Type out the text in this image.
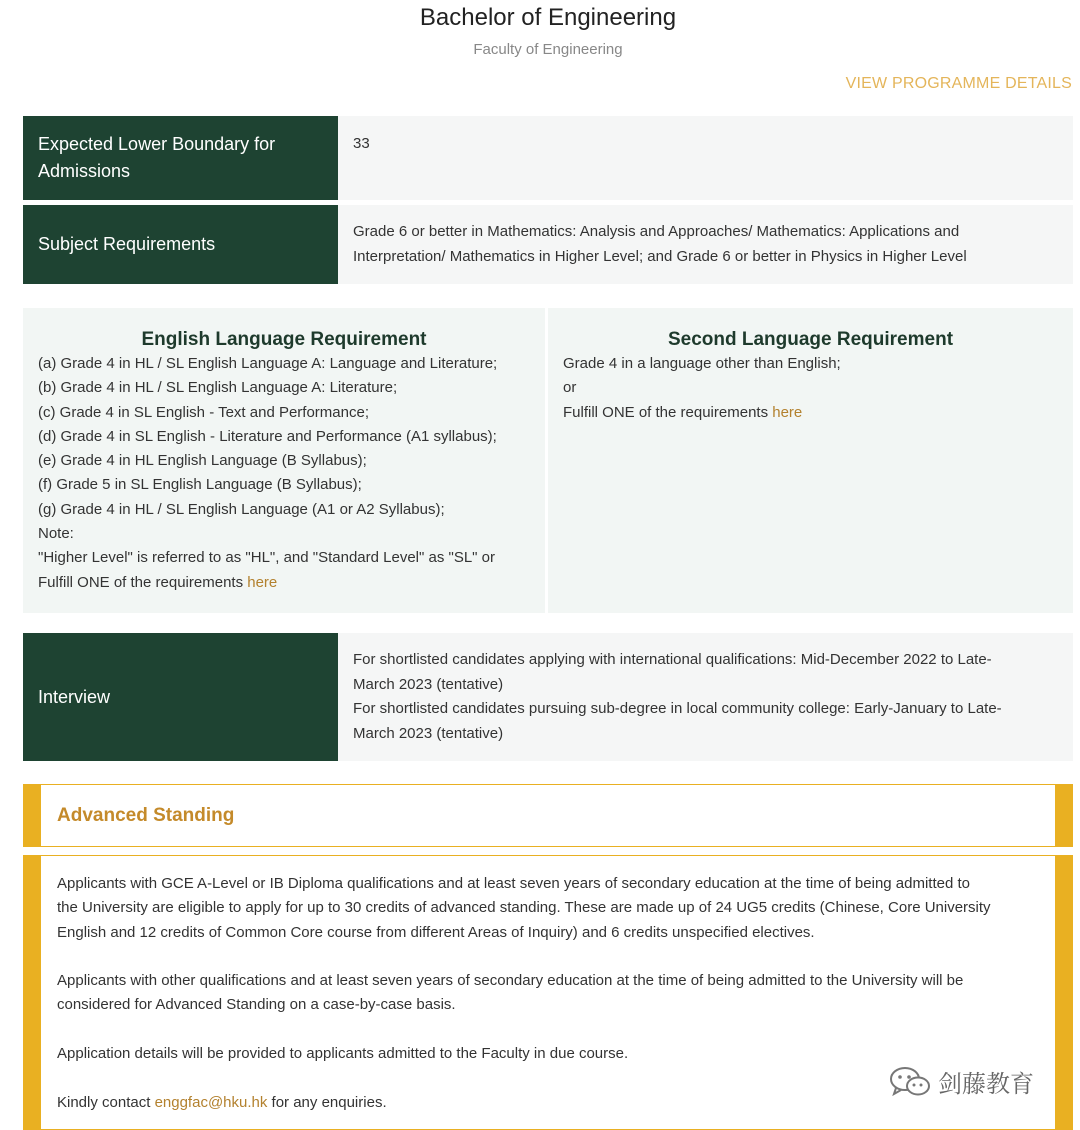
Bachelor of Engineering
Faculty of Engineering
VIEW PROGRAMME DETAILS
Expected Lower Boundary for Admissions
33
Subject Requirements
Grade 6 or better in Mathematics: Analysis and Approaches/ Mathematics: Applications and
Interpretation/ Mathematics in Higher Level; and Grade 6 or better in Physics in Higher Level
English Language Requirement
(a) Grade 4 in HL / SL English Language A: Language and Literature;
(b) Grade 4 in HL / SL English Language A: Literature;
(c) Grade 4 in SL English - Text and Performance;
(d) Grade 4 in SL English - Literature and Performance (A1 syllabus);
(e) Grade 4 in HL English Language (B Syllabus);
(f) Grade 5 in SL English Language (B Syllabus);
(g) Grade 4 in HL / SL English Language (A1 or A2 Syllabus);
Note:
"Higher Level" is referred to as "HL", and "Standard Level" as "SL" or
Fulfill ONE of the requirements here
Second Language Requirement
Grade 4 in a language other than English;
or
Fulfill ONE of the requirements here
Interview
For shortlisted candidates applying with international qualifications: Mid-December 2022 to Late-
March 2023 (tentative)
For shortlisted candidates pursuing sub-degree in local community college: Early-January to Late-
March 2023 (tentative)
Advanced Standing

Applicants with GCE A-Level or IB Diploma qualifications and at least seven years of secondary education at the time of being admitted to
the University are eligible to apply for up to 30 credits of advanced standing. These are made up of 24 UG5 credits (Chinese, Core University
English and 12 credits of Common Core course from different Areas of Inquiry) and 6 credits unspecified electives.

Applicants with other qualifications and at least seven years of secondary education at the time of being admitted to the University will be
considered for Advanced Standing on a case-by-case basis.

Application details will be provided to applicants admitted to the Faculty in due course.

Kindly contact enggfac@hku.hk for any enquiries.

剑藤教育
